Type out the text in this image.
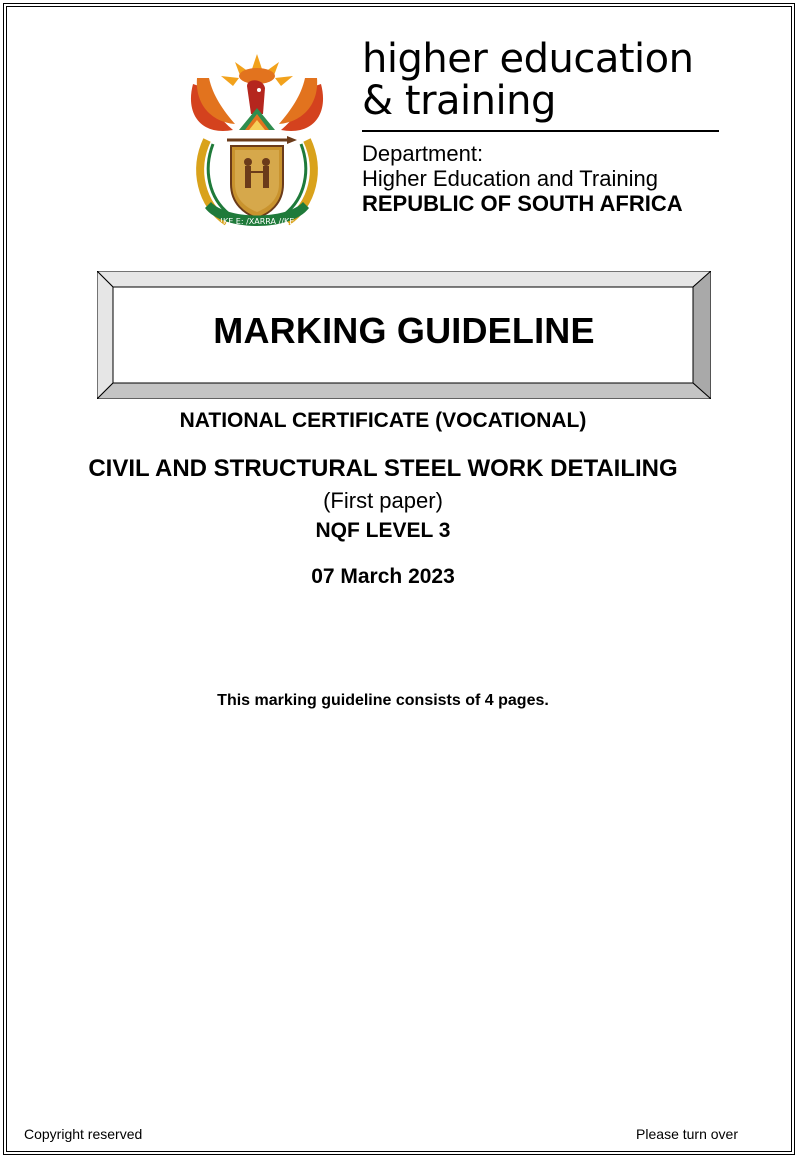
!KE E: /XARRA //KE
higher education
& training
Department:
Higher Education and Training
REPUBLIC OF SOUTH AFRICA
MARKING GUIDELINE
NATIONAL CERTIFICATE (VOCATIONAL)
CIVIL AND STRUCTURAL STEEL WORK DETAILING
(First paper)
NQF LEVEL 3
07 March 2023
This marking guideline consists of 4 pages.
Copyright reserved	Please turn over
